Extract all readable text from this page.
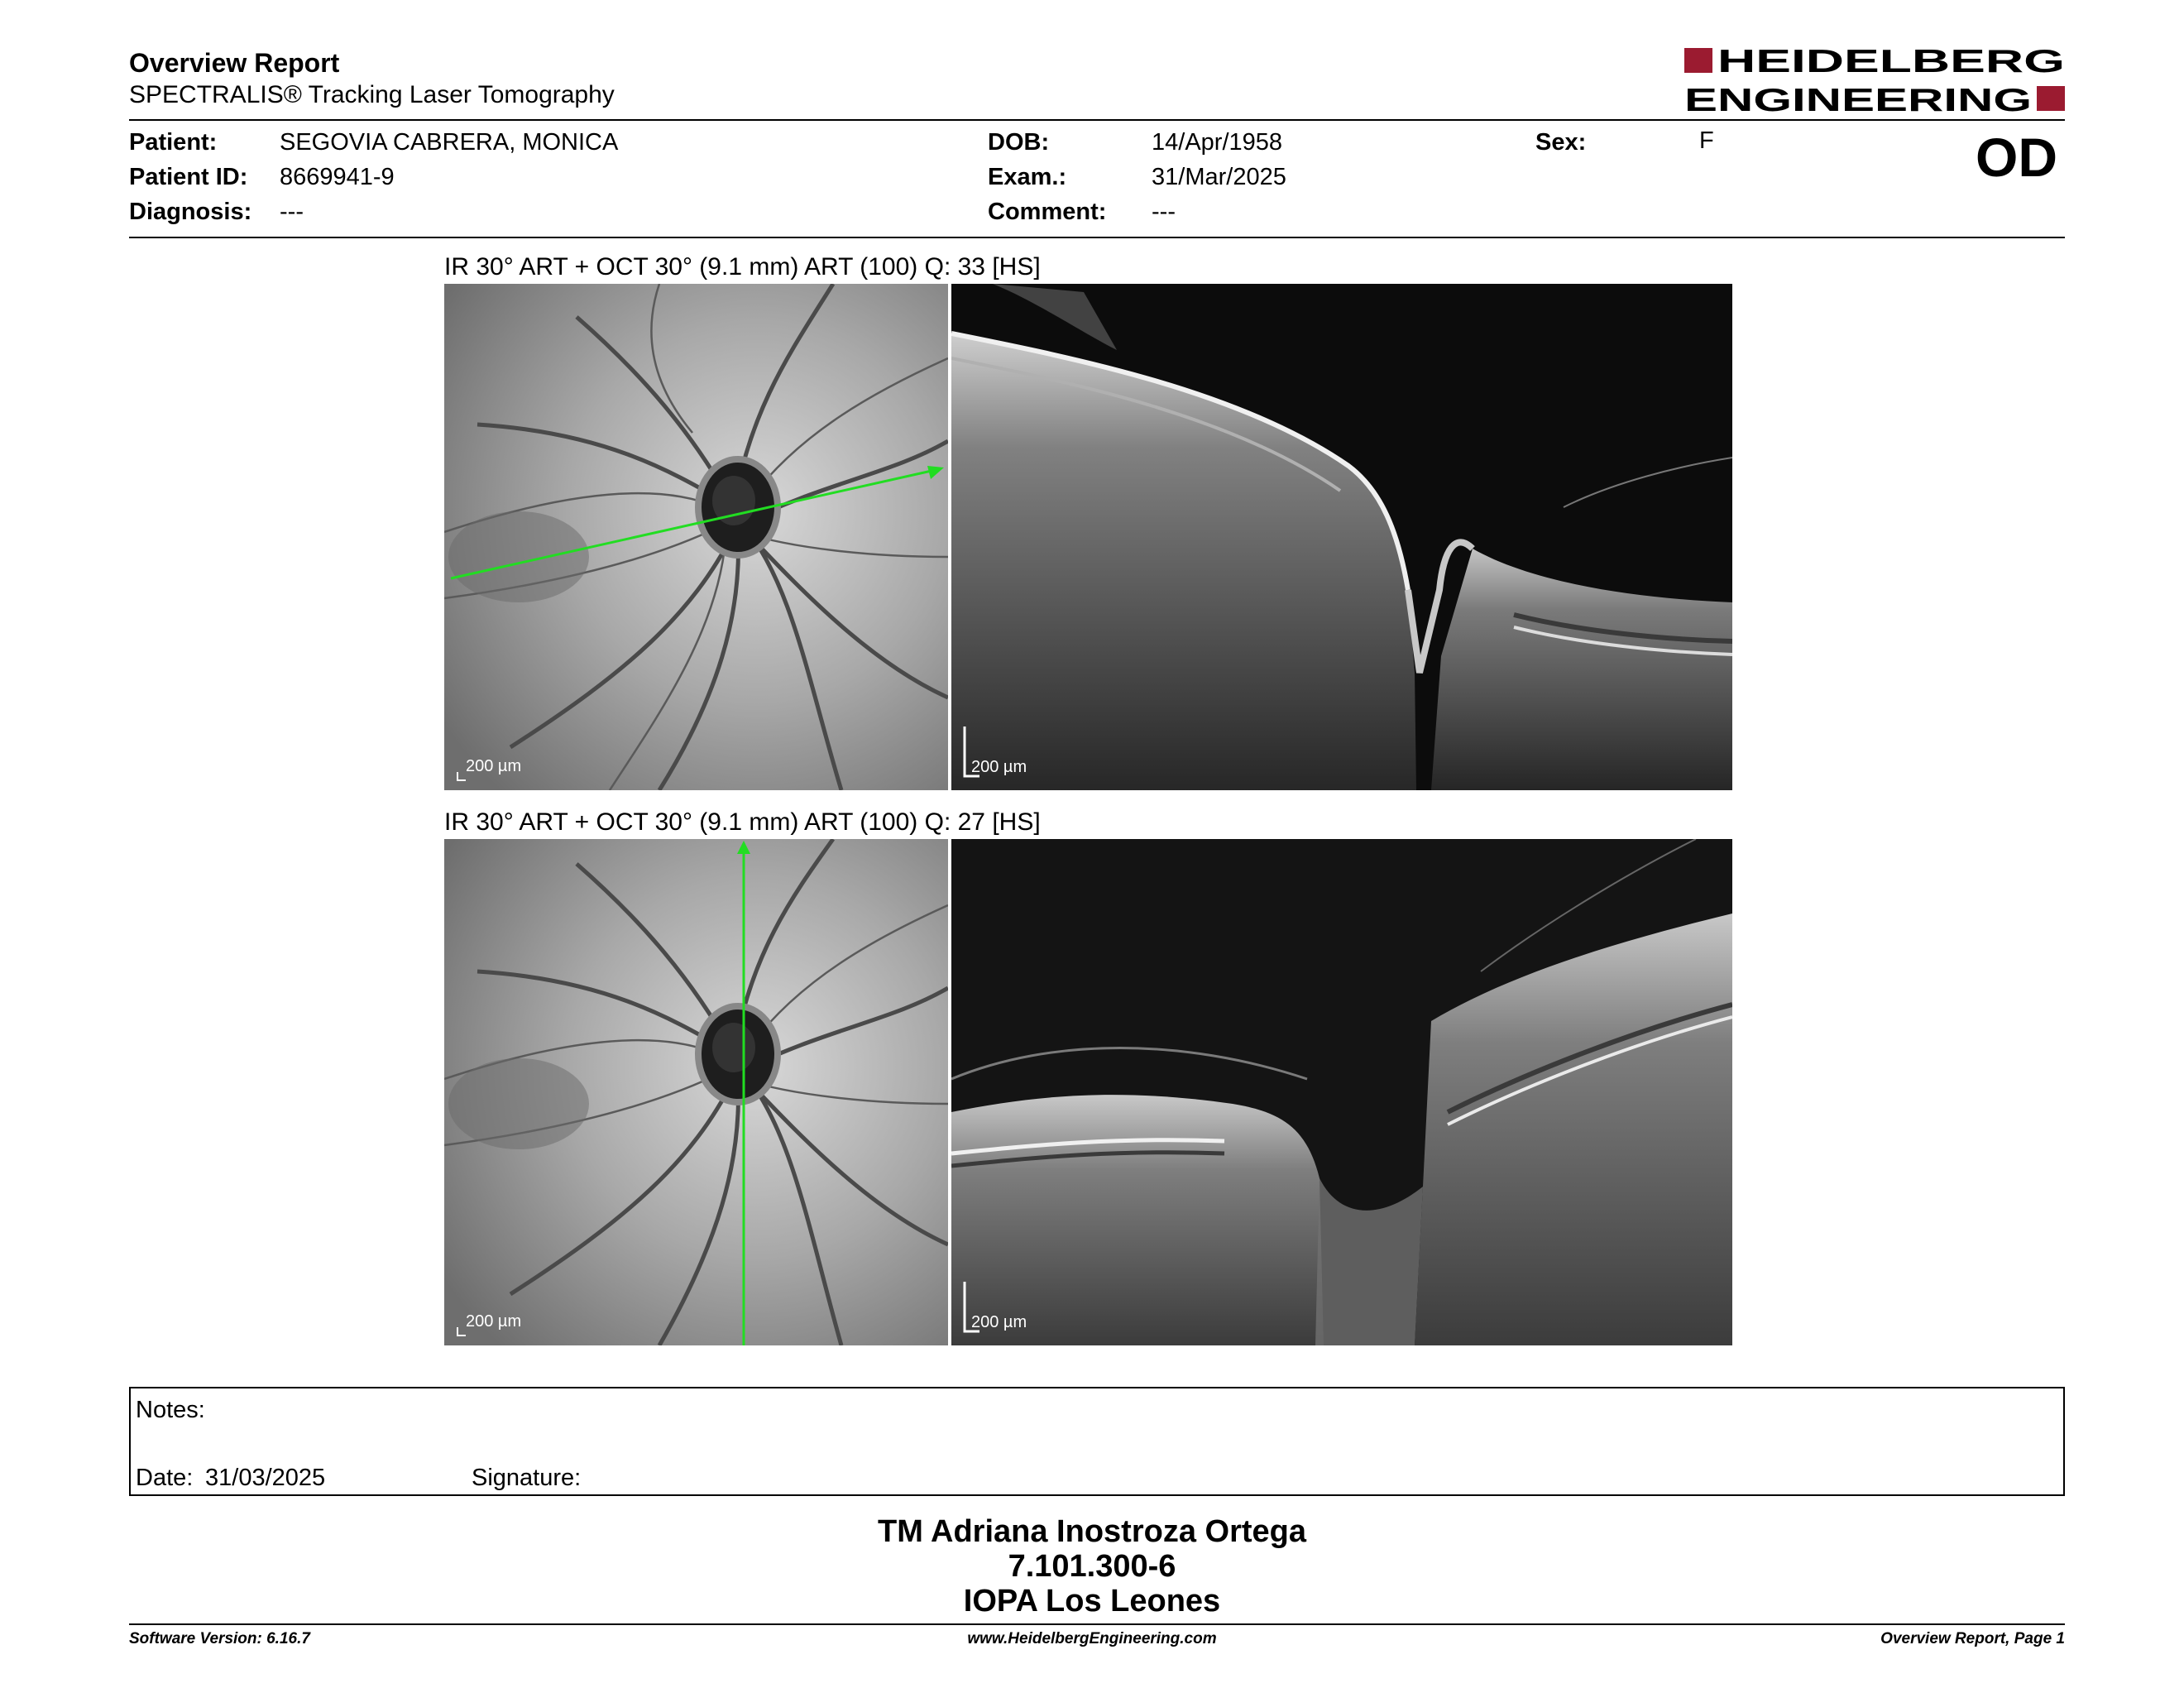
Overview Report
SPECTRALIS® Tracking Laser Tomography
HEIDELBERG
ENGINEERING
Patient:	SEGOVIA CABRERA, MONICA
Patient ID: 8669941-9
Diagnosis: ---
DOB:	14/Apr/1958
Exam.:	31/Mar/2025
Comment: ---
Sex:	F	OD
IR 30° ART + OCT 30° (9.1 mm) ART (100) Q: 33 [HS]
200 µm	200 µm
IR 30° ART + OCT 30° (9.1 mm) ART (100) Q: 27 [HS]
200 µm	200 µm
Notes:
Date: 31/03/2025	Signature:
TM Adriana Inostroza Ortega
7.101.300-6
IOPA Los Leones
Software Version: 6.16.7	www.HeidelbergEngineering.com	Overview Report, Page 1
